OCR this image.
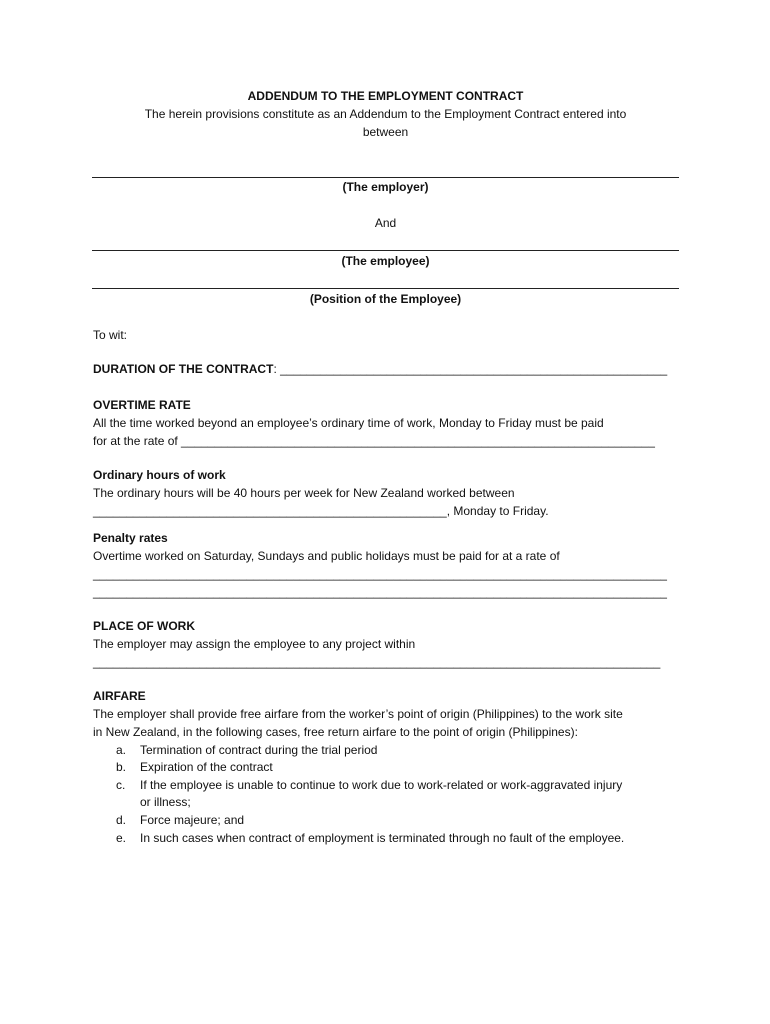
ADDENDUM TO THE EMPLOYMENT CONTRACT
The herein provisions constitute as an Addendum to the Employment Contract entered into
between
(The employer)
And
(The employee)
(Position of the Employee)
To wit:
DURATION OF THE CONTRACT: __________________________________________________________
OVERTIME RATE
All the time worked beyond an employee’s ordinary time of work, Monday to Friday must be paid
for at the rate of _______________________________________________________________________
Ordinary hours of work
The ordinary hours will be 40 hours per week for New Zealand worked between
_____________________________________________________, Monday to Friday.
Penalty rates
Overtime worked on Saturday, Sundays and public holidays must be paid for at a rate of
______________________________________________________________________________________
______________________________________________________________________________________
PLACE OF WORK
The employer may assign the employee to any project within
_____________________________________________________________________________________
AIRFARE
The employer shall provide free airfare from the worker’s point of origin (Philippines) to the work site
in New Zealand, in the following cases, free return airfare to the point of origin (Philippines):
a. Termination of contract during the trial period
b. Expiration of the contract
c. If the employee is unable to continue to work due to work-related or work-aggravated injury
or illness;
d. Force majeure; and
e. In such cases when contract of employment is terminated through no fault of the employee.
